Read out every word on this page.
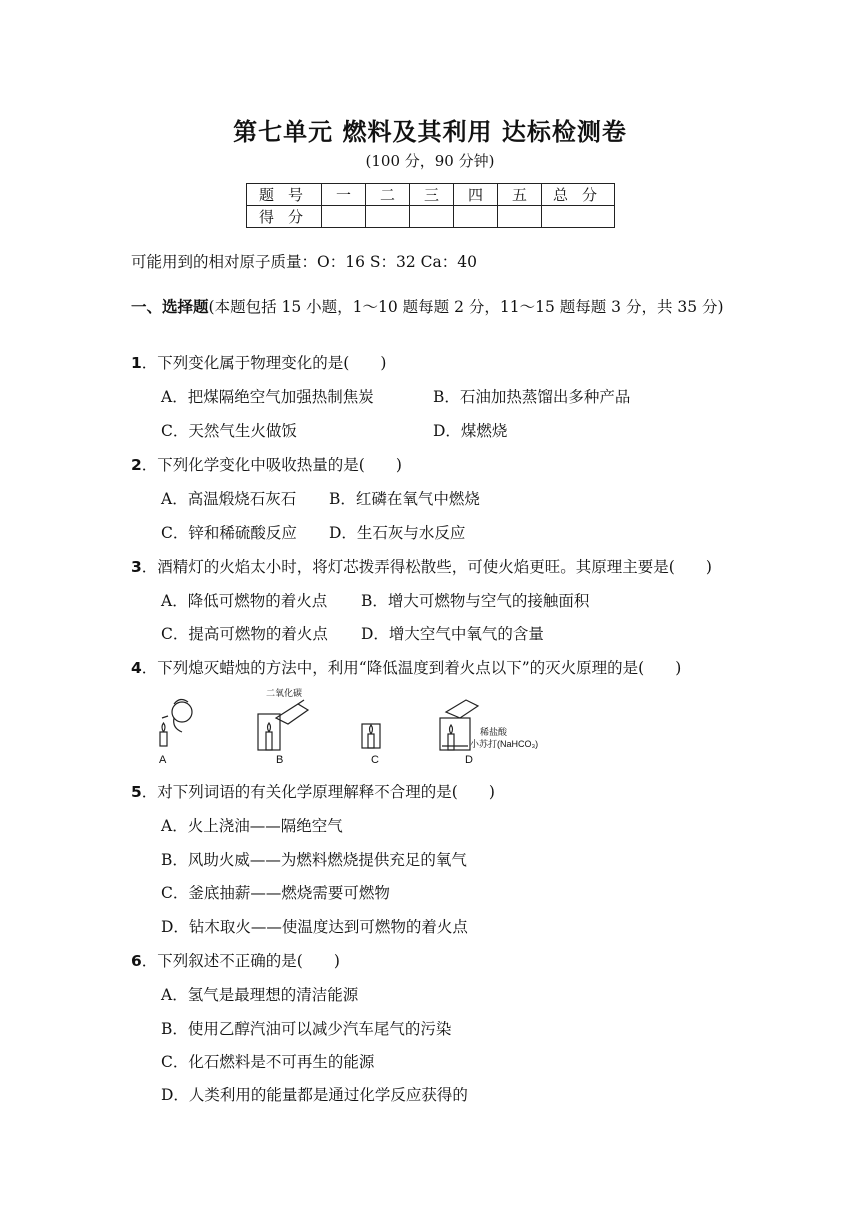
第七单元 燃料及其利用 达标检测卷
(100 分，90 分钟)
题号	一	二	三	四	五	总分
得分						
可能用到的相对原子质量：O：16 S：32 Ca：40
一、选择题(本题包括 15 小题，1～10 题每题 2 分，11～15 题每题 3 分，共 35 分)
1．下列变化属于物理变化的是(　　)
A．把煤隔绝空气加强热制焦炭	B．石油加热蒸馏出多种产品
C．天然气生火做饭	D．煤燃烧
2．下列化学变化中吸收热量的是(　　)
A．高温煅烧石灰石 B．红磷在氧气中燃烧
C．锌和稀硫酸反应 D．生石灰与水反应
3．酒精灯的火焰太小时，将灯芯拨弄得松散些，可使火焰更旺。其原理主要是(　　)
A．降低可燃物的着火点 B．增大可燃物与空气的接触面积
C．提高可燃物的着火点 D．增大空气中氧气的含量
4．下列熄灭蜡烛的方法中，利用“降低温度到着火点以下”的灭火原理的是(　　)
二氧化碳
稀盐酸
小苏打(NaHCO₃)
A	B	C	D
5．对下列词语的有关化学原理解释不合理的是(　　)
A．火上浇油——隔绝空气
B．风助火威——为燃料燃烧提供充足的氧气
C．釜底抽薪——燃烧需要可燃物
D．钻木取火——使温度达到可燃物的着火点
6．下列叙述不正确的是(　　)
A．氢气是最理想的清洁能源
B．使用乙醇汽油可以减少汽车尾气的污染
C．化石燃料是不可再生的能源
D．人类利用的能量都是通过化学反应获得的
